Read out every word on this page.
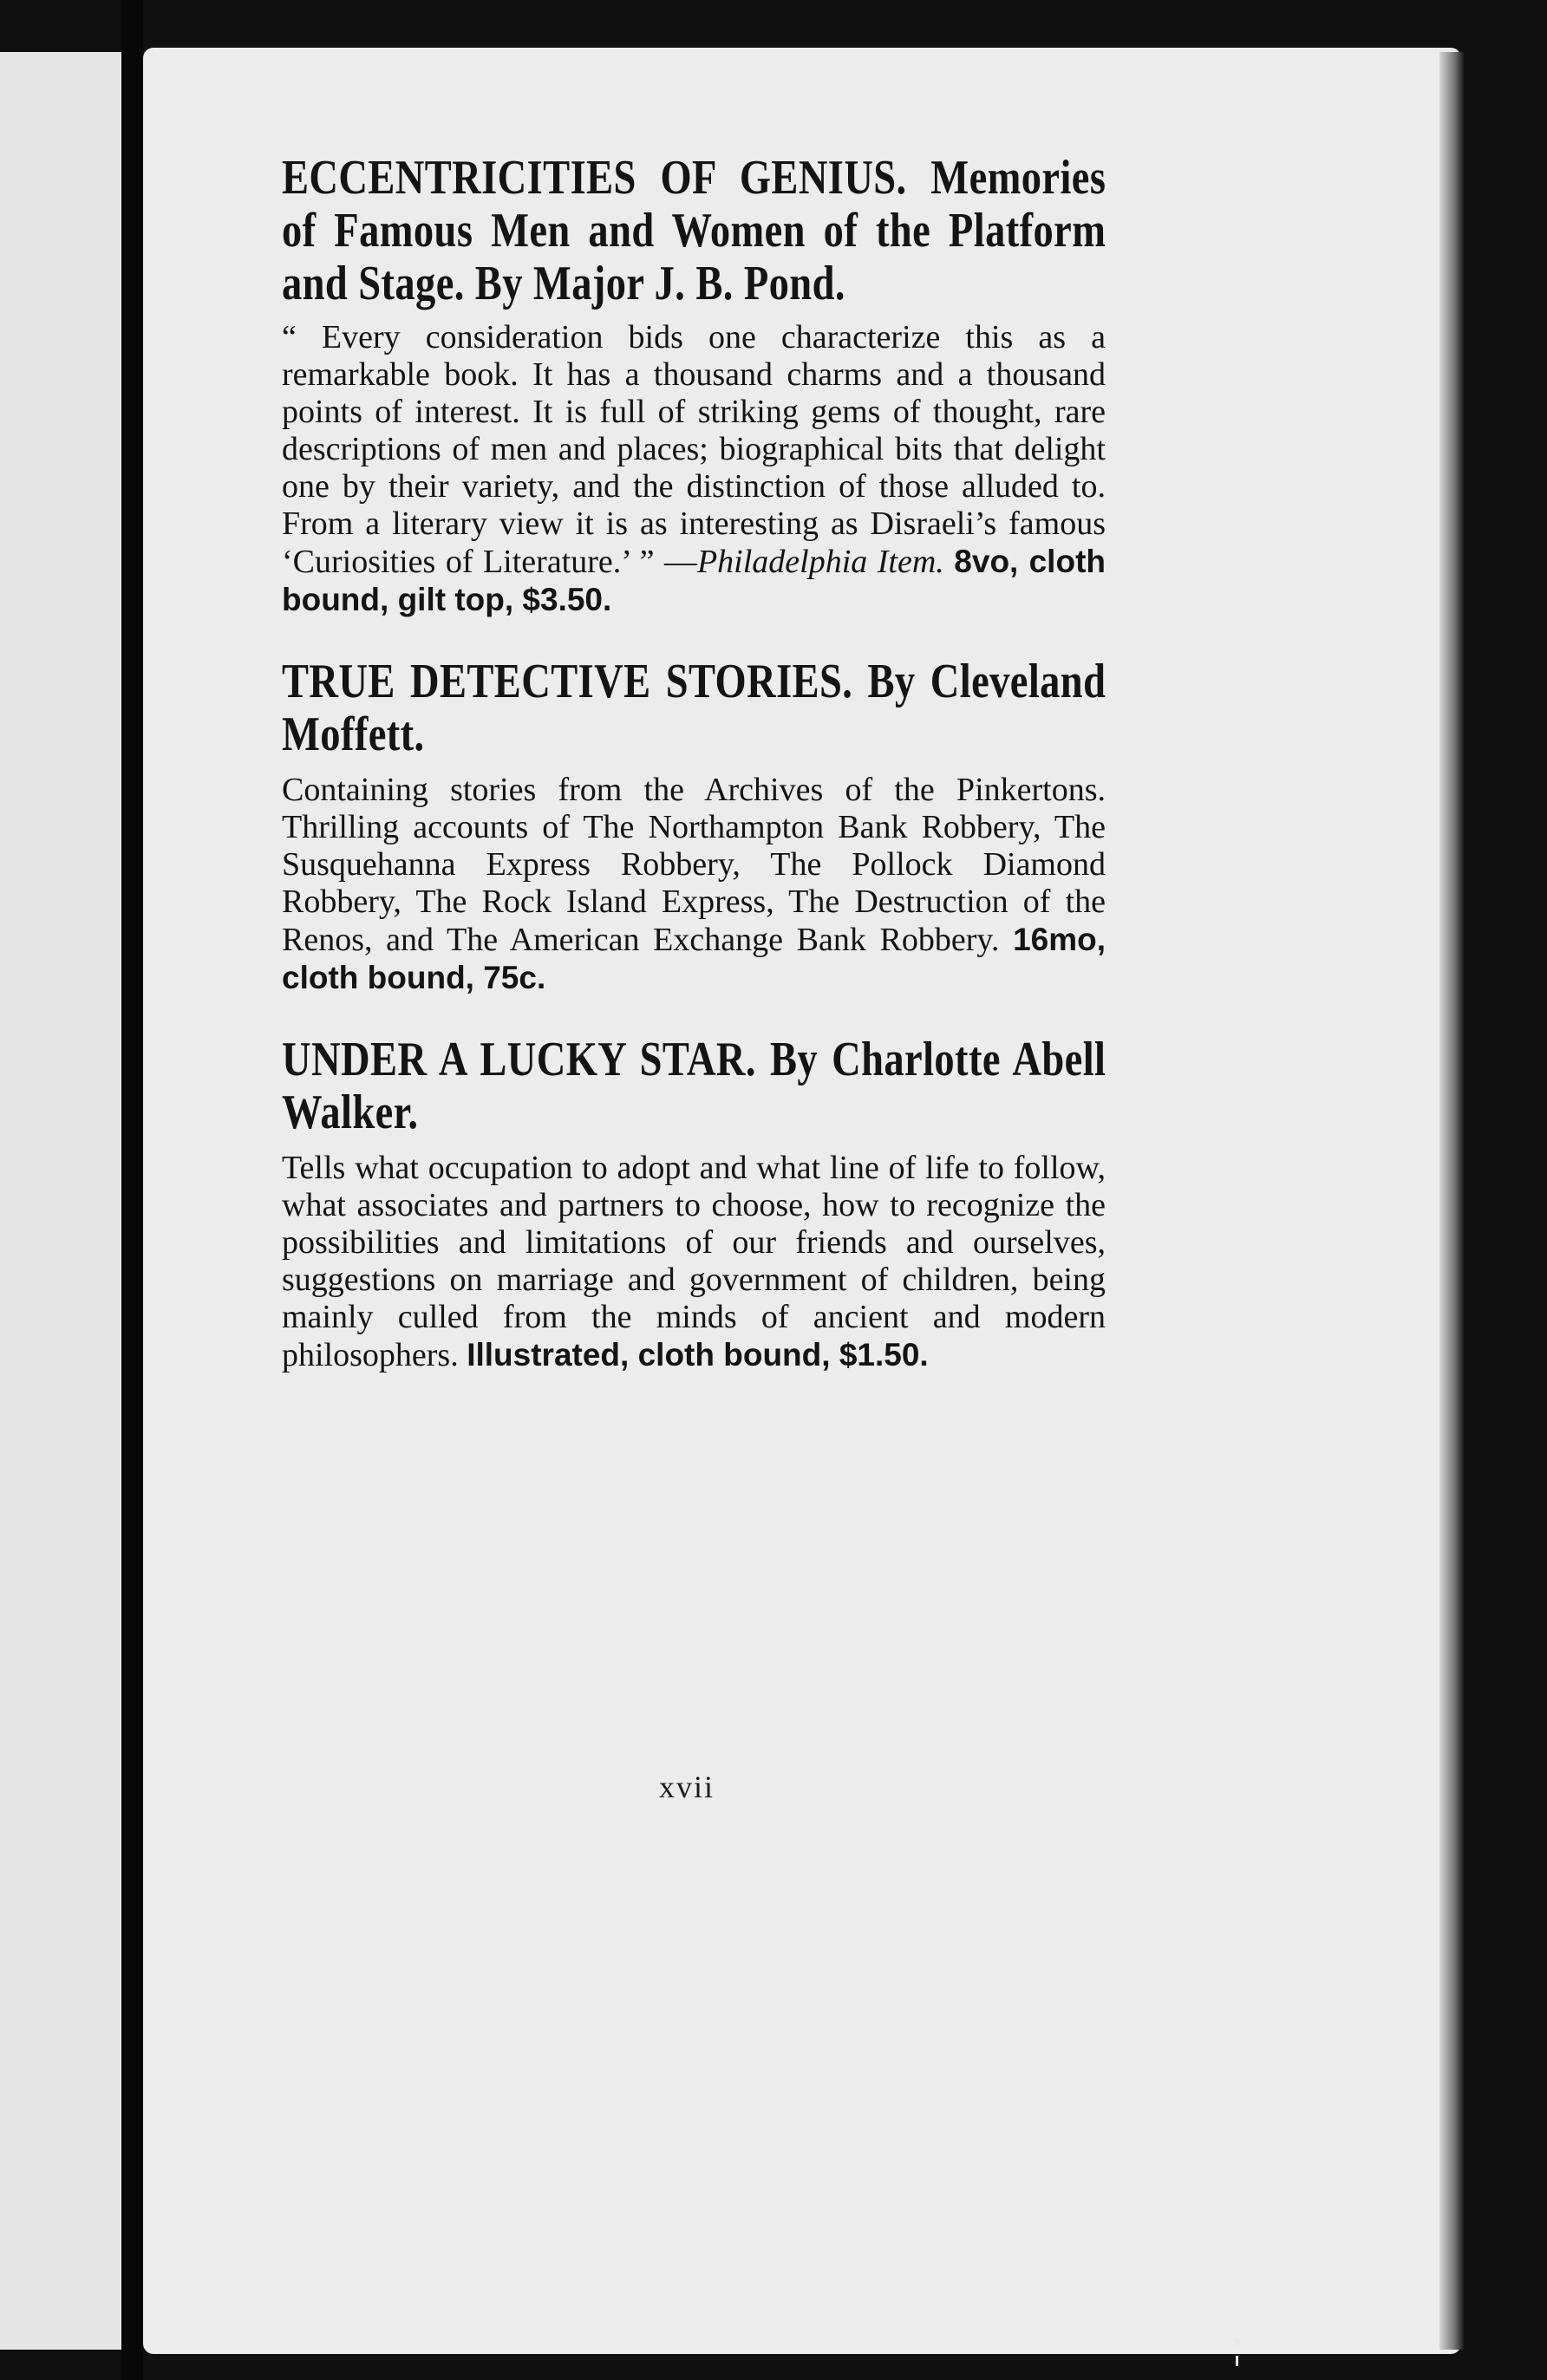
ECCENTRICITIES OF GENIUS. Memories of Famous Men and Women of the Platform and Stage. By Major J. B. Pond.

“ Every consideration bids one characterize this as a remarkable book. It has a thousand charms and a thousand points of interest. It is full of striking gems of thought, rare descriptions of men and places; biographical bits that delight one by their variety, and the distinction of those alluded to. From a literary view it is as interesting as Disraeli’s famous ‘Curiosities of Literature.’ ” —Philadelphia Item. 8vo, cloth bound, gilt top, $3.50.

TRUE DETECTIVE STORIES. By Cleveland Moffett.

Containing stories from the Archives of the Pinkertons. Thrilling accounts of The Northampton Bank Robbery, The Susquehanna Express Robbery, The Pollock Diamond Robbery, The Rock Island Express, The Destruction of the Renos, and The American Exchange Bank Robbery. 16mo, cloth bound, 75c.

UNDER A LUCKY STAR. By Charlotte Abell Walker.

Tells what occupation to adopt and what line of life to follow, what associates and partners to choose, how to recognize the possibilities and limitations of our friends and ourselves, suggestions on marriage and government of children, being mainly culled from the minds of ancient and modern philosophers. Illustrated, cloth bound, $1.50.

xvii
